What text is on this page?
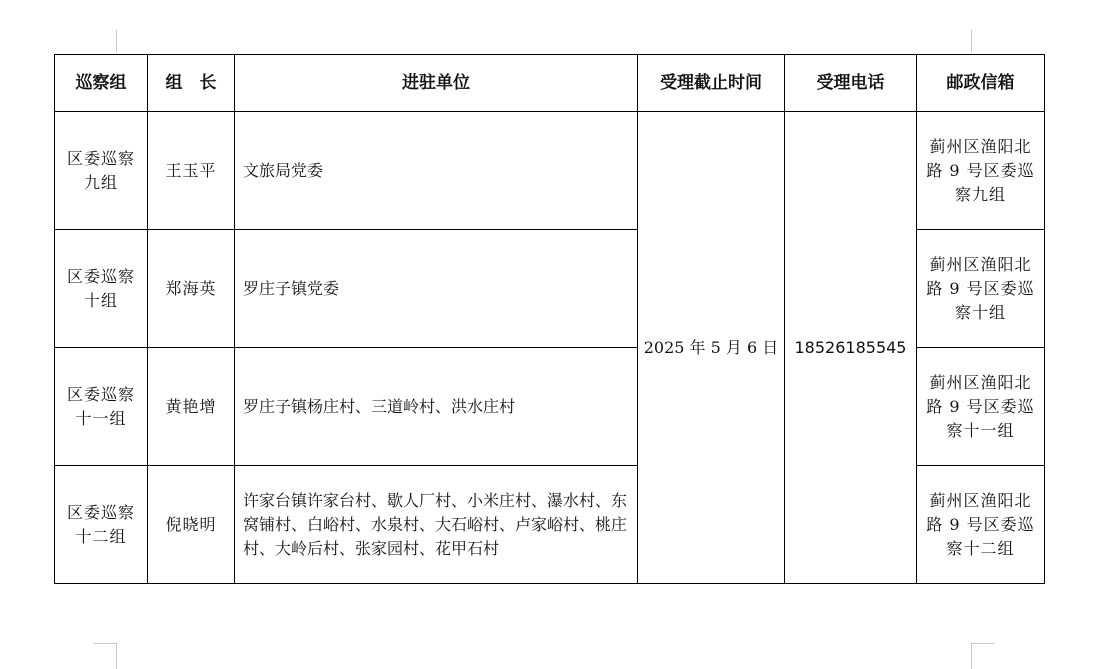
巡察组	组　长	进驻单位	受理截止时间	受理电话	邮政信箱
区委巡察九组	王玉平	文旅局党委	2025 年 5 月 6 日	18526185545	蓟州区渔阳北路 9 号区委巡察九组
区委巡察十组	郑海英	罗庄子镇党委			蓟州区渔阳北路 9 号区委巡察十组
区委巡察十一组	黄艳增	罗庄子镇杨庄村、三道岭村、洪水庄村			蓟州区渔阳北路 9 号区委巡察十一组
区委巡察十二组	倪晓明	许家台镇许家台村、歇人厂村、小米庄村、瀑水村、东窝铺村、白峪村、水泉村、大石峪村、卢家峪村、桃庄村、大岭后村、张家园村、花甲石村			蓟州区渔阳北路 9 号区委巡察十二组
